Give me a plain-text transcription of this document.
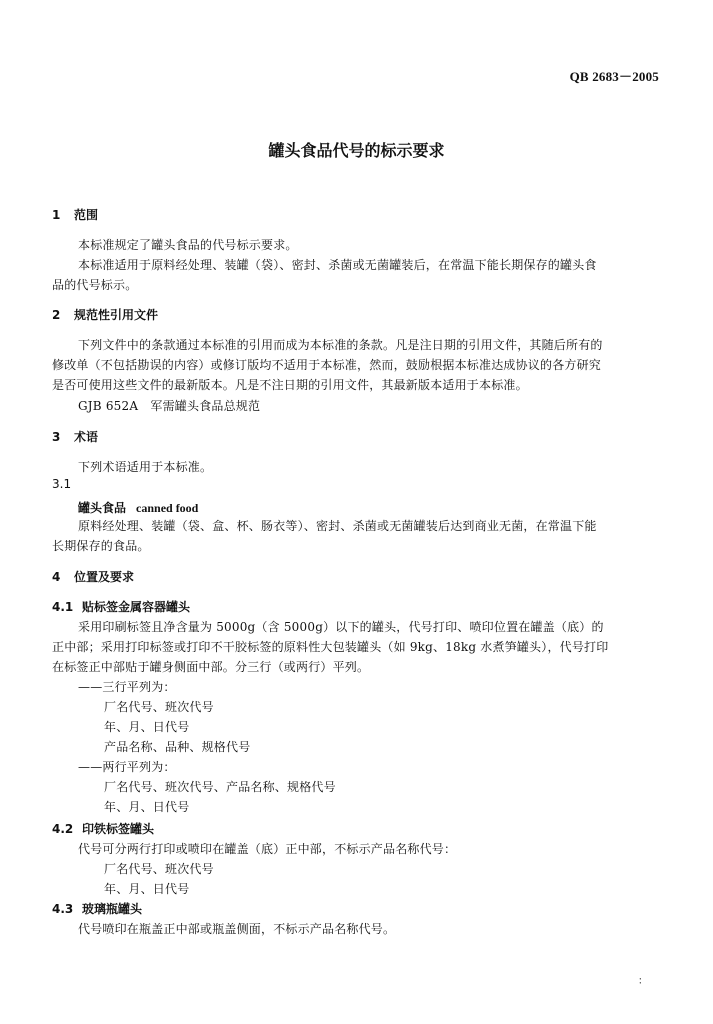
QB 2683－2005
罐头食品代号的标示要求
1 范围
本标准规定了罐头食品的代号标示要求。
本标准适用于原料经处理、装罐（袋）、密封、杀菌或无菌罐装后，在常温下能长期保存的罐头食
品的代号标示。
2 规范性引用文件
下列文件中的条款通过本标准的引用而成为本标准的条款。凡是注日期的引用文件，其随后所有的
修改单（不包括勘误的内容）或修订版均不适用于本标准，然而，鼓励根据本标准达成协议的各方研究
是否可使用这些文件的最新版本。凡是不注日期的引用文件，其最新版本适用于本标准。
GJB 652A　军需罐头食品总规范
3 术语
下列术语适用于本标准。
3.1
罐头食品 canned food
原料经处理、装罐（袋、盒、杯、肠衣等）、密封、杀菌或无菌罐装后达到商业无菌，在常温下能
长期保存的食品。
4 位置及要求
4.1 贴标签金属容器罐头
采用印刷标签且净含量为 5000g（含 5000g）以下的罐头，代号打印、喷印位置在罐盖（底）的
正中部；采用打印标签或打印不干胶标签的原料性大包装罐头（如 9kg、18kg 水煮笋罐头），代号打印
在标签正中部贴于罐身侧面中部。分三行（或两行）平列。
——三行平列为：
厂名代号、班次代号
年、月、日代号
产品名称、品种、规格代号
——两行平列为：
厂名代号、班次代号、产品名称、规格代号
年、月、日代号
4.2 印铁标签罐头
代号可分两行打印或喷印在罐盖（底）正中部，不标示产品名称代号：
厂名代号、班次代号
年、月、日代号
4.3 玻璃瓶罐头
代号喷印在瓶盖正中部或瓶盖侧面，不标示产品名称代号。
：
